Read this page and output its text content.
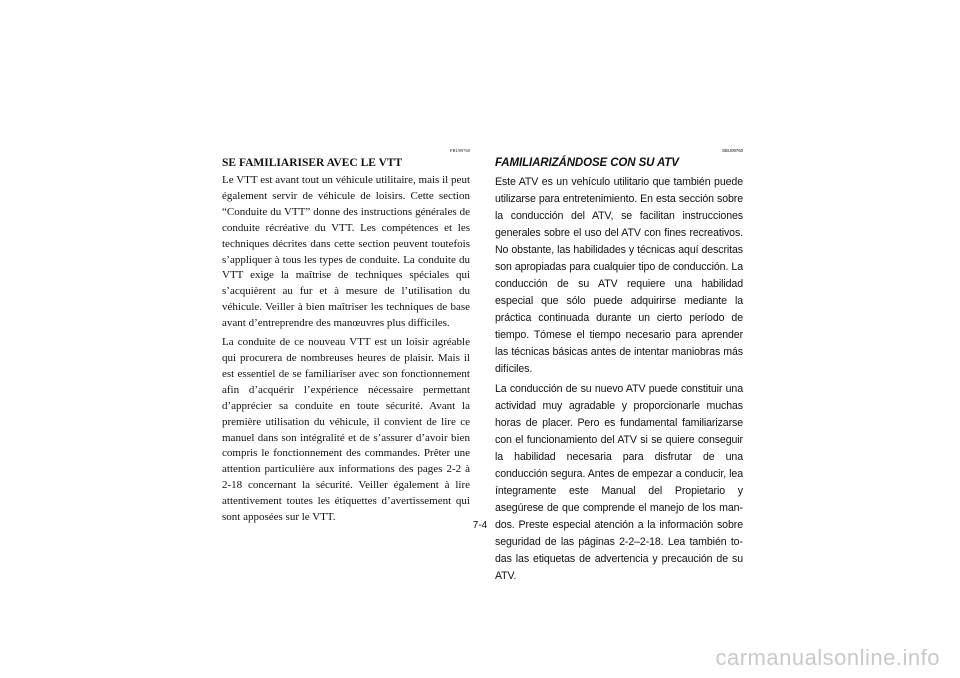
FBU09760
SE FAMILIARISER AVEC LE VTT

Le VTT est avant tout un véhicule utilitaire, mais il peut également servir de véhicule de loisirs. Cette section “Conduite du VTT” donne des instructions générales de conduite récréative du VTT. Les compétences et les techniques décrites dans cette section peuvent toutefois s’appliquer à tous les types de conduite. La conduite du VTT exige la maîtrise de techniques spéciales qui s’acquièrent au fur et à mesure de l’utilisation du véhicule. Veiller à bien maîtriser les techniques de base avant d’entreprendre des manœuvres plus difficiles.

La conduite de ce nouveau VTT est un loisir agréable qui procurera de nombreuses heures de plaisir. Mais il est essentiel de se familiariser avec son fonctionnement afin d’acquérir l’expérience nécessaire permettant d’apprécier sa conduite en toute sécurité. Avant la première utilisation du véhicule, il convient de lire ce manuel dans son intégralité et de s’assurer d’avoir bien compris le fonctionnement des commandes. Prêter une attention particulière aux informations des pages 2-2 à 2-18 concernant la sécurité. Veiller également à lire attentivement toutes les étiquettes d’avertissement qui sont apposées sur le VTT.

SBU09760
FAMILIARIZÁNDOSE CON SU ATV

Este ATV es un vehículo utilitario que también puede utilizarse para entretenimiento. En esta sección sobre la conducción del ATV, se facilitan instrucciones generales sobre el uso del ATV con fines recreativos. No obstante, las habilidades y técnicas aquí descritas son apropiadas para cualquier tipo de conducción. La conducción de su ATV requiere una habilidad especial que sólo puede adquirirse mediante la práctica continuada durante un cierto período de tiempo. Tómese el tiempo necesario para aprender las técnicas básicas antes de intentar maniobras más difíciles.

La conducción de su nuevo ATV puede constituir una actividad muy agradable y proporcionarle muchas horas de placer. Pero es fundamental familiarizarse con el funcionamiento del ATV si se quiere conseguir la habilidad necesaria para disfrutar de una conducción segura. Antes de empezar a conducir, lea íntegramente este Manual del Propietario y asegúrese de que comprende el manejo de los mandos. Preste especial atención a la información sobre seguridad de las páginas 2-2–2-18. Lea también todas las etiquetas de advertencia y precaución de su ATV.

7-4
carmanualsonline.info
